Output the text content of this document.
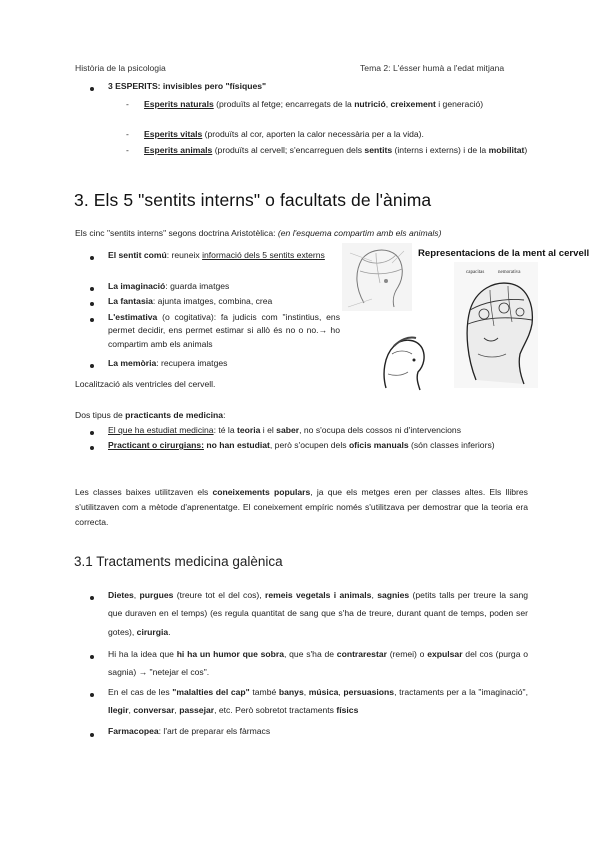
Història de la psicologia	Tema 2: L'ésser humà a l'edat mitjana
3 ESPERITS: invisibles pero "físiques"
- Esperits naturals (produïts al fetge; encarregats de la nutrició, creixement i generació)
- Esperits vitals (produïts al cor, aporten la calor necessària per a la vida).
- Esperits animals (produïts al cervell; s'encarreguen dels sentits (interns i externs) i de la mobilitat)
3. Els 5 "sentits interns" o facultats de l'ànima
Els cinc "sentits interns" segons doctrina Aristotèlica: (en l'esquema compartim amb els animals)
El sentit comú: reuneix informació dels 5 sentits externs
La imaginació: guarda imatges
La fantasia: ajunta imatges, combina, crea
L'estimativa (o cogitativa): fa judicis com "instintius, ens permet decidir, ens permet estimar si allò és no o no.→ ho compartim amb els animals
La memòria: recupera imatges
Localització als ventricles del cervell.
Representacions de la ment al cervell
capacitas	nemorativa
Dos tipus de practicants de medicina:
El que ha estudiat medicina: té la teoria i el saber, no s'ocupa dels cossos ni d'intervencions
Practicant o cirurgians: no han estudiat, però s'ocupen dels oficis manuals (són classes inferiors)
Les classes baixes utilitzaven els coneixements populars, ja que els metges eren per classes altes. Els llibres s'utilitzaven com a mètode d'aprenentatge. El coneixement empíric només s'utilitzava per demostrar que la teoria era correcta.
3.1 Tractaments medicina galènica
Dietes, purgues (treure tot el del cos), remeis vegetals i animals, sagnies (petits talls per treure la sang que duraven en el temps) (es regula quantitat de sang que s'ha de treure, durant quant de temps, poden ser gotes), cirurgia.
Hi ha la idea que hi ha un humor que sobra, que s'ha de contrarestar (remei) o expulsar del cos (purga o sagnia) → "netejar el cos".
En el cas de les "malalties del cap" també banys, música, persuasions, tractaments per a la "imaginació", llegir, conversar, passejar, etc. Però sobretot tractaments físics
Farmacopea: l'art de preparar els fàrmacs
